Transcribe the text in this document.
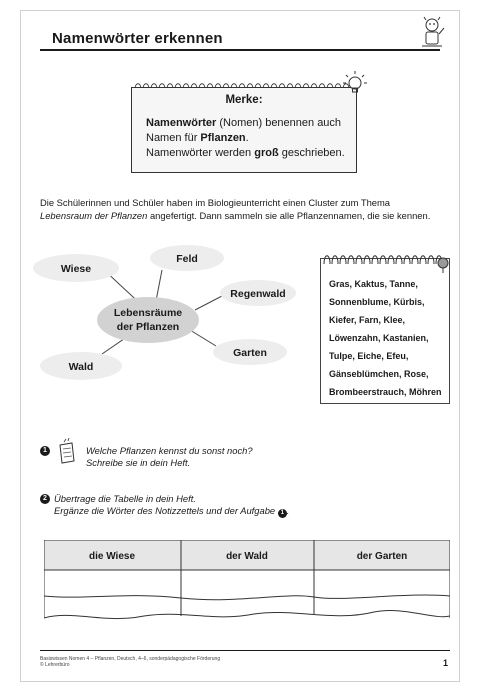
Namenwörter erkennen
Merke:
Namenwörter (Nomen) benennen auch
Namen für Pflanzen.
Namenwörter werden groß geschrieben.
Die Schülerinnen und Schüler haben im Biologieunterricht einen Cluster zum Thema
Lebensraum der Pflanzen angefertigt. Dann sammeln sie alle Pflanzennamen, die sie kennen.
Wiese
Feld
Regenwald
Garten
Wald
Lebensräume
der Pflanzen
Gras, Kaktus, Tanne,
Sonnenblume, Kürbis,
Kiefer, Farn, Klee,
Löwenzahn, Kastanien,
Tulpe, Eiche, Efeu,
Gänseblümchen, Rose,
Brombeerstrauch, Möhren
1	Welche Pflanzen kennst du sonst noch?
Schreibe sie in dein Heft.
2 Übertrage die Tabelle in dein Heft.
Ergänze die Wörter des Notizzettels und der Aufgabe 1 .
die Wiese	der Wald	der Garten
Basiswissen Nomen 4 – Pflanzen, Deutsch, 4–6, sonderpädagogische Förderung
© Lehrerbüro	1
